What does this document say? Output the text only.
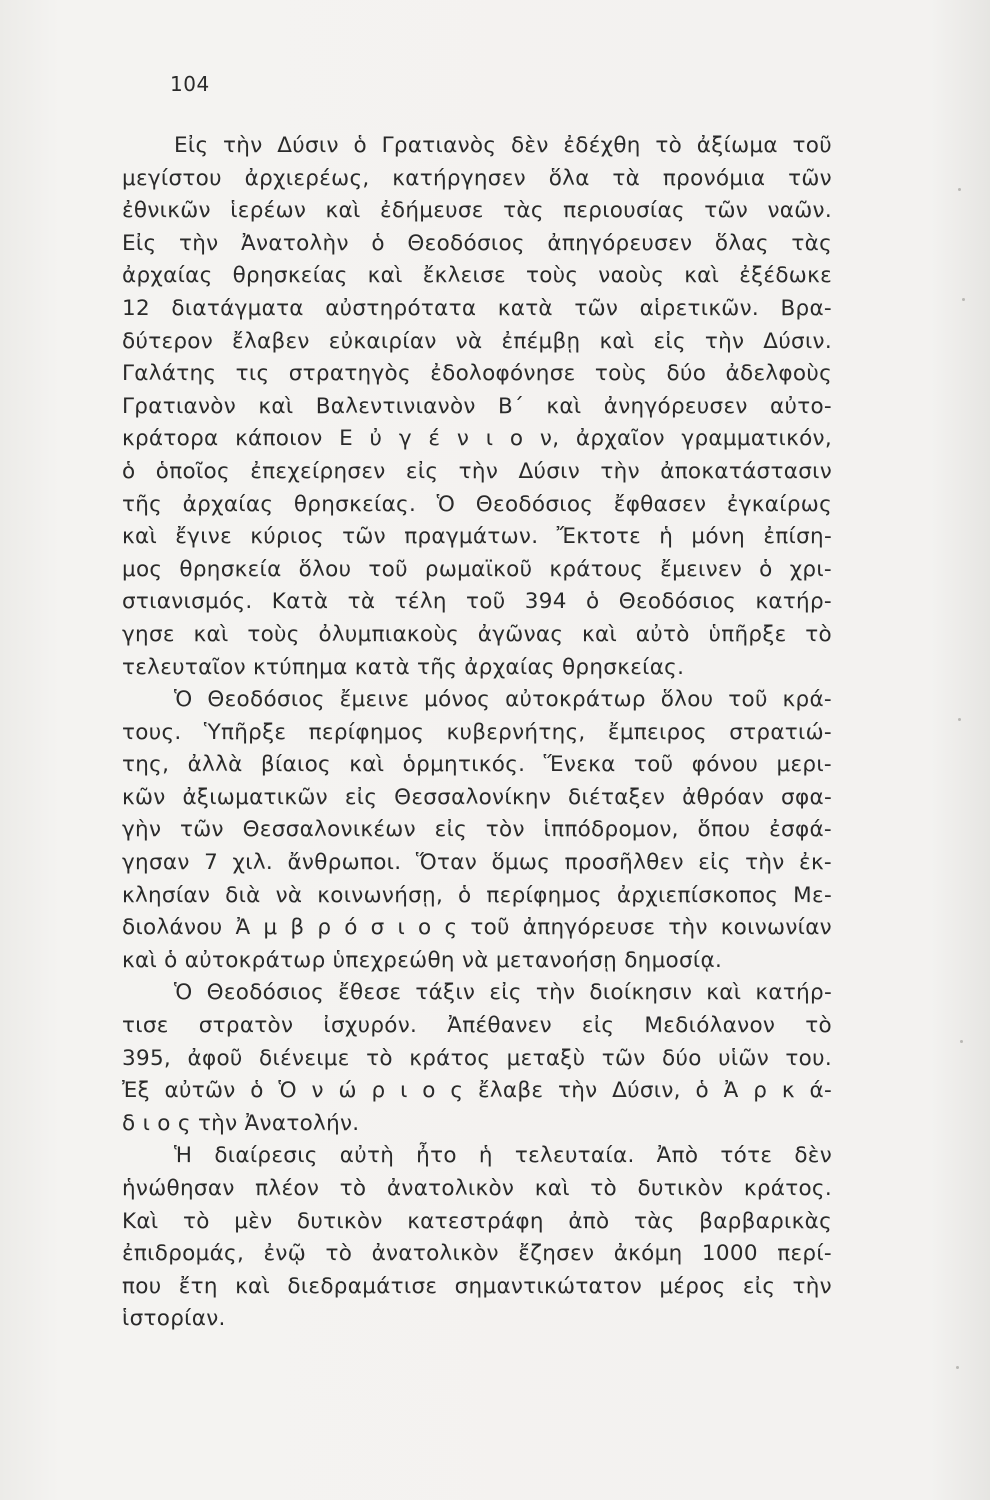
104
Εἰς τὴν Δύσιν ὁ Γρατιανὸς δὲν ἐδέχθη τὸ ἀξίωμα τοῦ
μεγίστου ἀρχιερέως, κατήργησεν ὅλα τὰ προνόμια τῶν
ἐθνικῶν ἱερέων καὶ ἐδήμευσε τὰς περιουσίας τῶν ναῶν.
Εἰς τὴν Ἀνατολὴν ὁ Θεοδόσιος ἀπηγόρευσεν ὅλας τὰς
ἀρχαίας θρησκείας καὶ ἔκλεισε τοὺς ναοὺς καὶ ἐξέδωκε
12 διατάγματα αὐστηρότατα κατὰ τῶν αἱρετικῶν. Βρα-
δύτερον ἔλαβεν εὐκαιρίαν νὰ ἐπέμβῃ καὶ εἰς τὴν Δύσιν.
Γαλάτης τις στρατηγὸς ἐδολοφόνησε τοὺς δύο ἀδελφοὺς
Γρατιανὸν καὶ Βαλεντινιανὸν Β΄ καὶ ἀνηγόρευσεν αὐτο-
κράτορα κάποιον Ε ὐ γ έ ν ι ο ν, ἀρχαῖον γραμματικόν,
ὁ ὁποῖος ἐπεχείρησεν εἰς τὴν Δύσιν τὴν ἀποκατάστασιν
τῆς ἀρχαίας θρησκείας. Ὁ Θεοδόσιος ἔφθασεν ἐγκαίρως
καὶ ἔγινε κύριος τῶν πραγμάτων. Ἔκτοτε ἡ μόνη ἐπίση-
μος θρησκεία ὅλου τοῦ ρωμαϊκοῦ κράτους ἔμεινεν ὁ χρι-
στιανισμός. Κατὰ τὰ τέλη τοῦ 394 ὁ Θεοδόσιος κατήρ-
γησε καὶ τοὺς ὀλυμπιακοὺς ἀγῶνας καὶ αὐτὸ ὑπῆρξε τὸ
τελευταῖον κτύπημα κατὰ τῆς ἀρχαίας θρησκείας.
Ὁ Θεοδόσιος ἔμεινε μόνος αὐτοκράτωρ ὅλου τοῦ κρά-
τους. Ὑπῆρξε περίφημος κυβερνήτης, ἔμπειρος στρατιώ-
της, ἀλλὰ βίαιος καὶ ὁρμητικός. Ἕνεκα τοῦ φόνου μερι-
κῶν ἀξιωματικῶν εἰς Θεσσαλονίκην διέταξεν ἀθρόαν σφα-
γὴν τῶν Θεσσαλονικέων εἰς τὸν ἱππόδρομον, ὅπου ἐσφά-
γησαν 7 χιλ. ἄνθρωποι. Ὅταν ὅμως προσῆλθεν εἰς τὴν ἐκ-
κλησίαν διὰ νὰ κοινωνήσῃ, ὁ περίφημος ἀρχιεπίσκοπος Με-
διολάνου Ἀ μ β ρ ό σ ι ο ς τοῦ ἀπηγόρευσε τὴν κοινωνίαν
καὶ ὁ αὐτοκράτωρ ὑπεχρεώθη νὰ μετανοήσῃ δημοσίᾳ.
Ὁ Θεοδόσιος ἔθεσε τάξιν εἰς τὴν διοίκησιν καὶ κατήρ-
τισε στρατὸν ἰσχυρόν. Ἀπέθανεν εἰς Μεδιόλανον τὸ
395, ἀφοῦ διένειμε τὸ κράτος μεταξὺ τῶν δύο υἱῶν του.
Ἐξ αὐτῶν ὁ Ὁ ν ώ ρ ι ο ς ἔλαβε τὴν Δύσιν, ὁ Ἀ ρ κ ά-
δ ι ο ς τὴν Ἀνατολήν.
Ἡ διαίρεσις αὐτὴ ἦτο ἡ τελευταία. Ἀπὸ τότε δὲν
ἡνώθησαν πλέον τὸ ἀνατολικὸν καὶ τὸ δυτικὸν κράτος.
Καὶ τὸ μὲν δυτικὸν κατεστράφη ἀπὸ τὰς βαρβαρικὰς
ἐπιδρομάς, ἐνῷ τὸ ἀνατολικὸν ἔζησεν ἀκόμη 1000 περί-
που ἔτη καὶ διεδραμάτισε σημαντικώτατον μέρος εἰς τὴν
ἱστορίαν.
